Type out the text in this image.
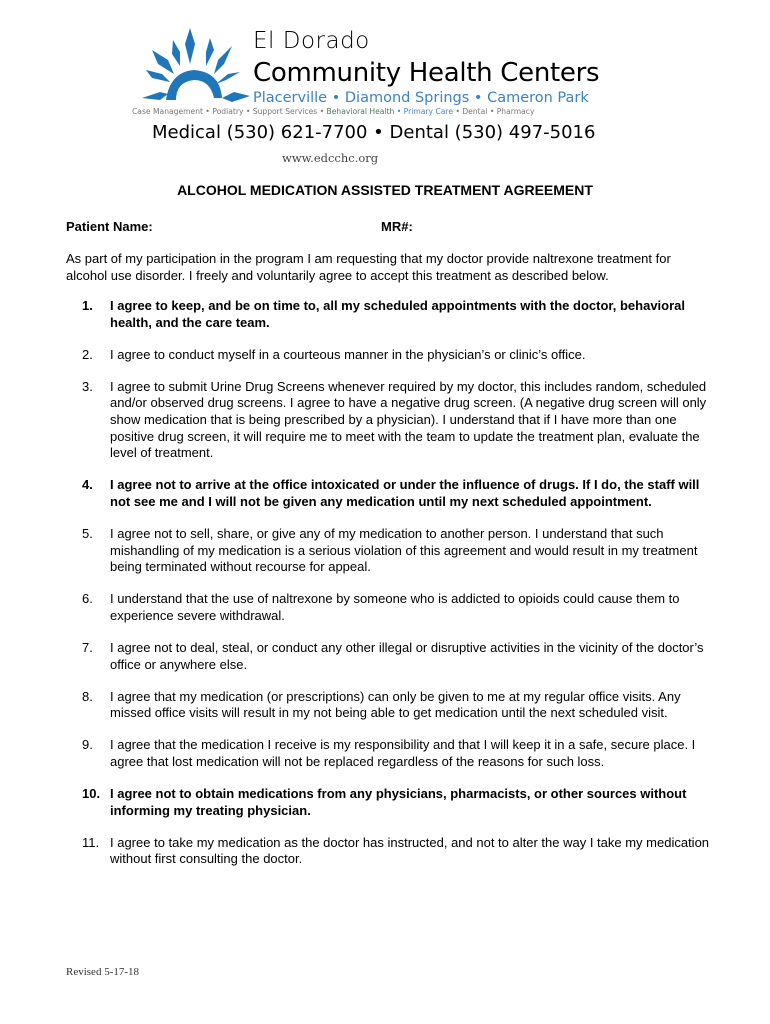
El Dorado
Community Health Centers
Placerville • Diamond Springs • Cameron Park
Case Management • Podiatry • Support Services • Behavioral Health • Primary Care • Dental • Pharmacy
Medical (530) 621-7700 • Dental (530) 497-5016
www.edcchc.org
ALCOHOL MEDICATION ASSISTED TREATMENT AGREEMENT
Patient Name:	MR#:
As part of my participation in the program I am requesting that my doctor provide naltrexone treatment for alcohol use disorder. I freely and voluntarily agree to accept this treatment as described below.
1.	I agree to keep, and be on time to, all my scheduled appointments with the doctor, behavioral health, and the care team.
2.	I agree to conduct myself in a courteous manner in the physician’s or clinic’s office.
3.	I agree to submit Urine Drug Screens whenever required by my doctor, this includes random, scheduled and/or observed drug screens. I agree to have a negative drug screen. (A negative drug screen will only show medication that is being prescribed by a physician). I understand that if I have more than one positive drug screen, it will require me to meet with the team to update the treatment plan, evaluate the level of treatment.
4.	I agree not to arrive at the office intoxicated or under the influence of drugs. If I do, the staff will not see me and I will not be given any medication until my next scheduled appointment.
5.	I agree not to sell, share, or give any of my medication to another person. I understand that such mishandling of my medication is a serious violation of this agreement and would result in my treatment being terminated without recourse for appeal.
6.	I understand that the use of naltrexone by someone who is addicted to opioids could cause them to experience severe withdrawal.
7.	I agree not to deal, steal, or conduct any other illegal or disruptive activities in the vicinity of the doctor’s office or anywhere else.
8.	I agree that my medication (or prescriptions) can only be given to me at my regular office visits. Any missed office visits will result in my not being able to get medication until the next scheduled visit.
9.	I agree that the medication I receive is my responsibility and that I will keep it in a safe, secure place. I agree that lost medication will not be replaced regardless of the reasons for such loss.
10. I agree not to obtain medications from any physicians, pharmacists, or other sources without informing my treating physician.
11. I agree to take my medication as the doctor has instructed, and not to alter the way I take my medication without first consulting the doctor.
Revised 5-17-18
